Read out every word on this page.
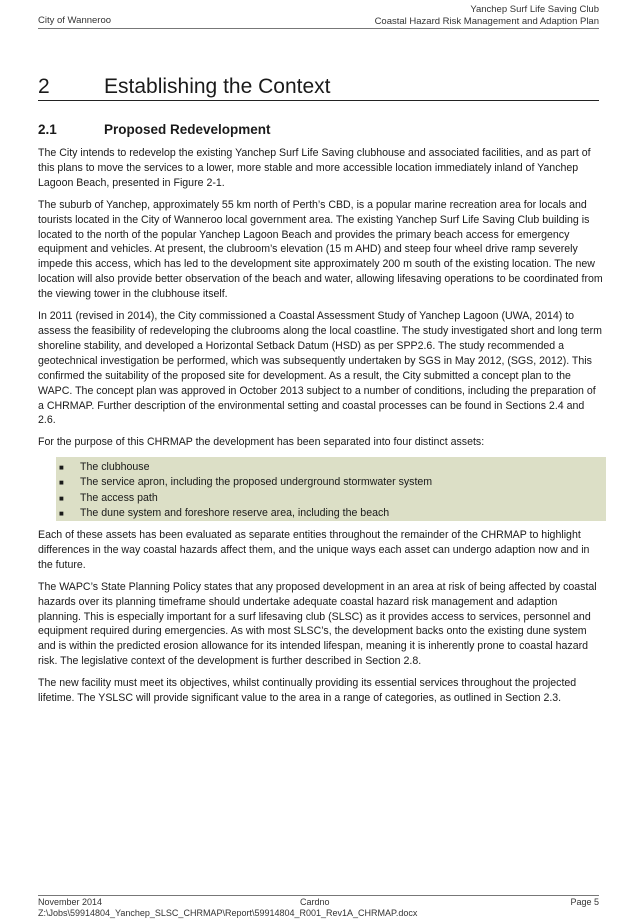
Yanchep Surf Life Saving Club
Coastal Hazard Risk Management and Adaption Plan
City of Wanneroo
2	Establishing the Context
2.1	Proposed Redevelopment

The City intends to redevelop the existing Yanchep Surf Life Saving clubhouse and associated facilities, and as part of this plans to move the services to a lower, more stable and more accessible location immediately inland of Yanchep Lagoon Beach, presented in Figure 2-1.

The suburb of Yanchep, approximately 55 km north of Perth’s CBD, is a popular marine recreation area for locals and tourists located in the City of Wanneroo local government area. The existing Yanchep Surf Life Saving Club building is located to the north of the popular Yanchep Lagoon Beach and provides the primary beach access for emergency equipment and vehicles. At present, the clubroom’s elevation (15 m AHD) and steep four wheel drive ramp severely impede this access, which has led to the development site approximately 200 m south of the existing location. The new location will also provide better observation of the beach and water, allowing lifesaving operations to be coordinated from the viewing tower in the clubhouse itself.

In 2011 (revised in 2014), the City commissioned a Coastal Assessment Study of Yanchep Lagoon (UWA, 2014) to assess the feasibility of redeveloping the clubrooms along the local coastline. The study investigated short and long term shoreline stability, and developed a Horizontal Setback Datum (HSD) as per SPP2.6. The study recommended a geotechnical investigation be performed, which was subsequently undertaken by SGS in May 2012, (SGS, 2012). This confirmed the suitability of the proposed site for development. As a result, the City submitted a concept plan to the WAPC. The concept plan was approved in October 2013 subject to a number of conditions, including the preparation of a CHRMAP. Further description of the environmental setting and coastal processes can be found in Sections 2.4 and 2.6.

For the purpose of this CHRMAP the development has been separated into four distinct assets:

■ The clubhouse
■ The service apron, including the proposed underground stormwater system
■ The access path
■ The dune system and foreshore reserve area, including the beach

Each of these assets has been evaluated as separate entities throughout the remainder of the CHRMAP to highlight differences in the way coastal hazards affect them, and the unique ways each asset can undergo adaption now and in the future.

The WAPC’s State Planning Policy states that any proposed development in an area at risk of being affected by coastal hazards over its planning timeframe should undertake adequate coastal hazard risk management and adaption planning. This is especially important for a surf lifesaving club (SLSC) as it provides access to services, personnel and equipment required during emergencies. As with most SLSC’s, the development backs onto the existing dune system and is within the predicted erosion allowance for its intended lifespan, meaning it is inherently prone to coastal hazard risk. The legislative context of the development is further described in Section 2.8.

The new facility must meet its objectives, whilst continually providing its essential services throughout the projected lifetime. The YSLSC will provide significant value to the area in a range of categories, as outlined in Section 2.3.

November 2014	Cardno	Page 5
Z:\Jobs\59914804_Yanchep_SLSC_CHRMAP\Report\59914804_R001_Rev1A_CHRMAP.docx
